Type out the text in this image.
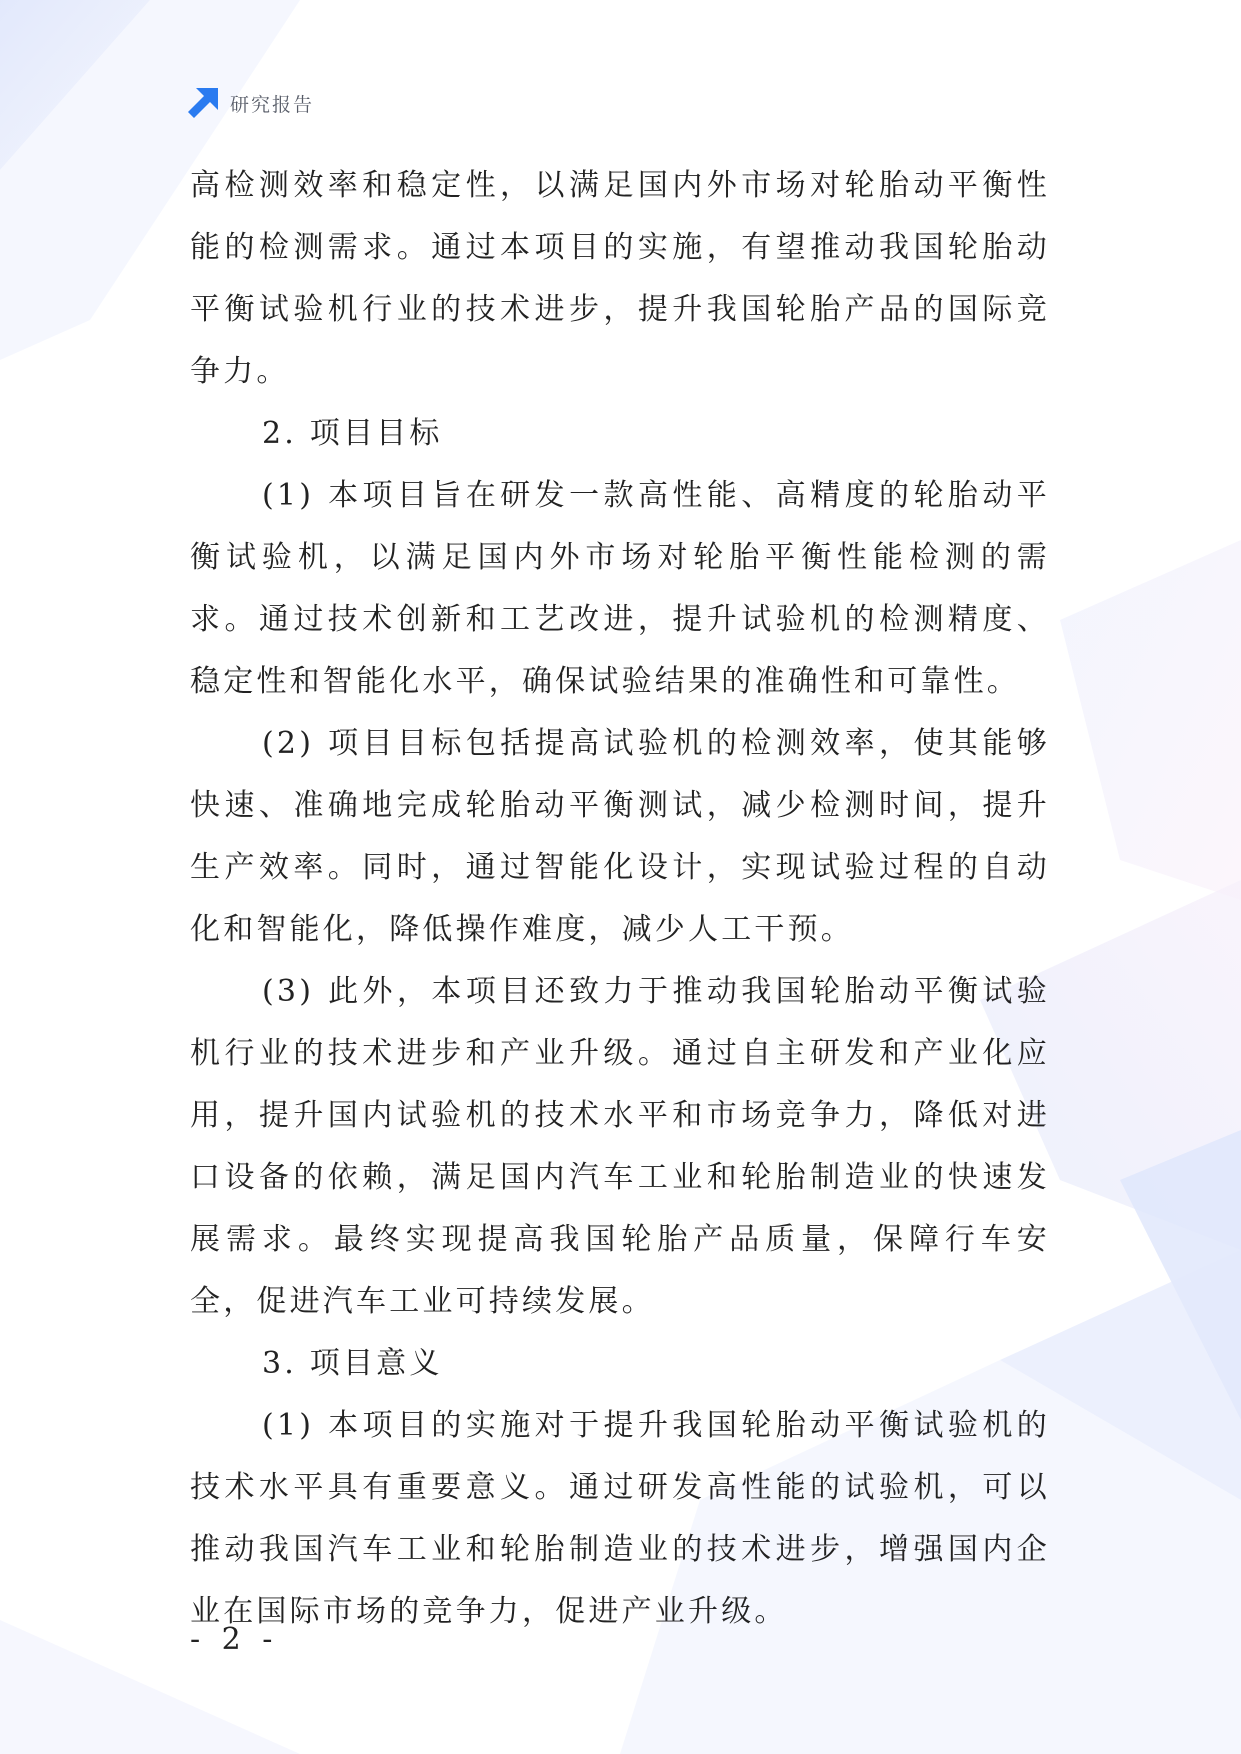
研究报告

高检测效率和稳定性，以满足国内外市场对轮胎动平衡性能的检测需求。通过本项目的实施，有望推动我国轮胎动平衡试验机行业的技术进步，提升我国轮胎产品的国际竞争力。

2. 项目目标

(1) 本项目旨在研发一款高性能、高精度的轮胎动平衡试验机，以满足国内外市场对轮胎平衡性能检测的需求。通过技术创新和工艺改进，提升试验机的检测精度、稳定性和智能化水平，确保试验结果的准确性和可靠性。

(2) 项目目标包括提高试验机的检测效率，使其能够快速、准确地完成轮胎动平衡测试，减少检测时间，提升生产效率。同时，通过智能化设计，实现试验过程的自动化和智能化，降低操作难度，减少人工干预。

(3) 此外，本项目还致力于推动我国轮胎动平衡试验机行业的技术进步和产业升级。通过自主研发和产业化应用，提升国内试验机的技术水平和市场竞争力，降低对进口设备的依赖，满足国内汽车工业和轮胎制造业的快速发展需求。最终实现提高我国轮胎产品质量，保障行车安全，促进汽车工业可持续发展。

3. 项目意义

(1) 本项目的实施对于提升我国轮胎动平衡试验机的技术水平具有重要意义。通过研发高性能的试验机，可以推动我国汽车工业和轮胎制造业的技术进步，增强国内企业在国际市场的竞争力，促进产业升级。

- 2 -
